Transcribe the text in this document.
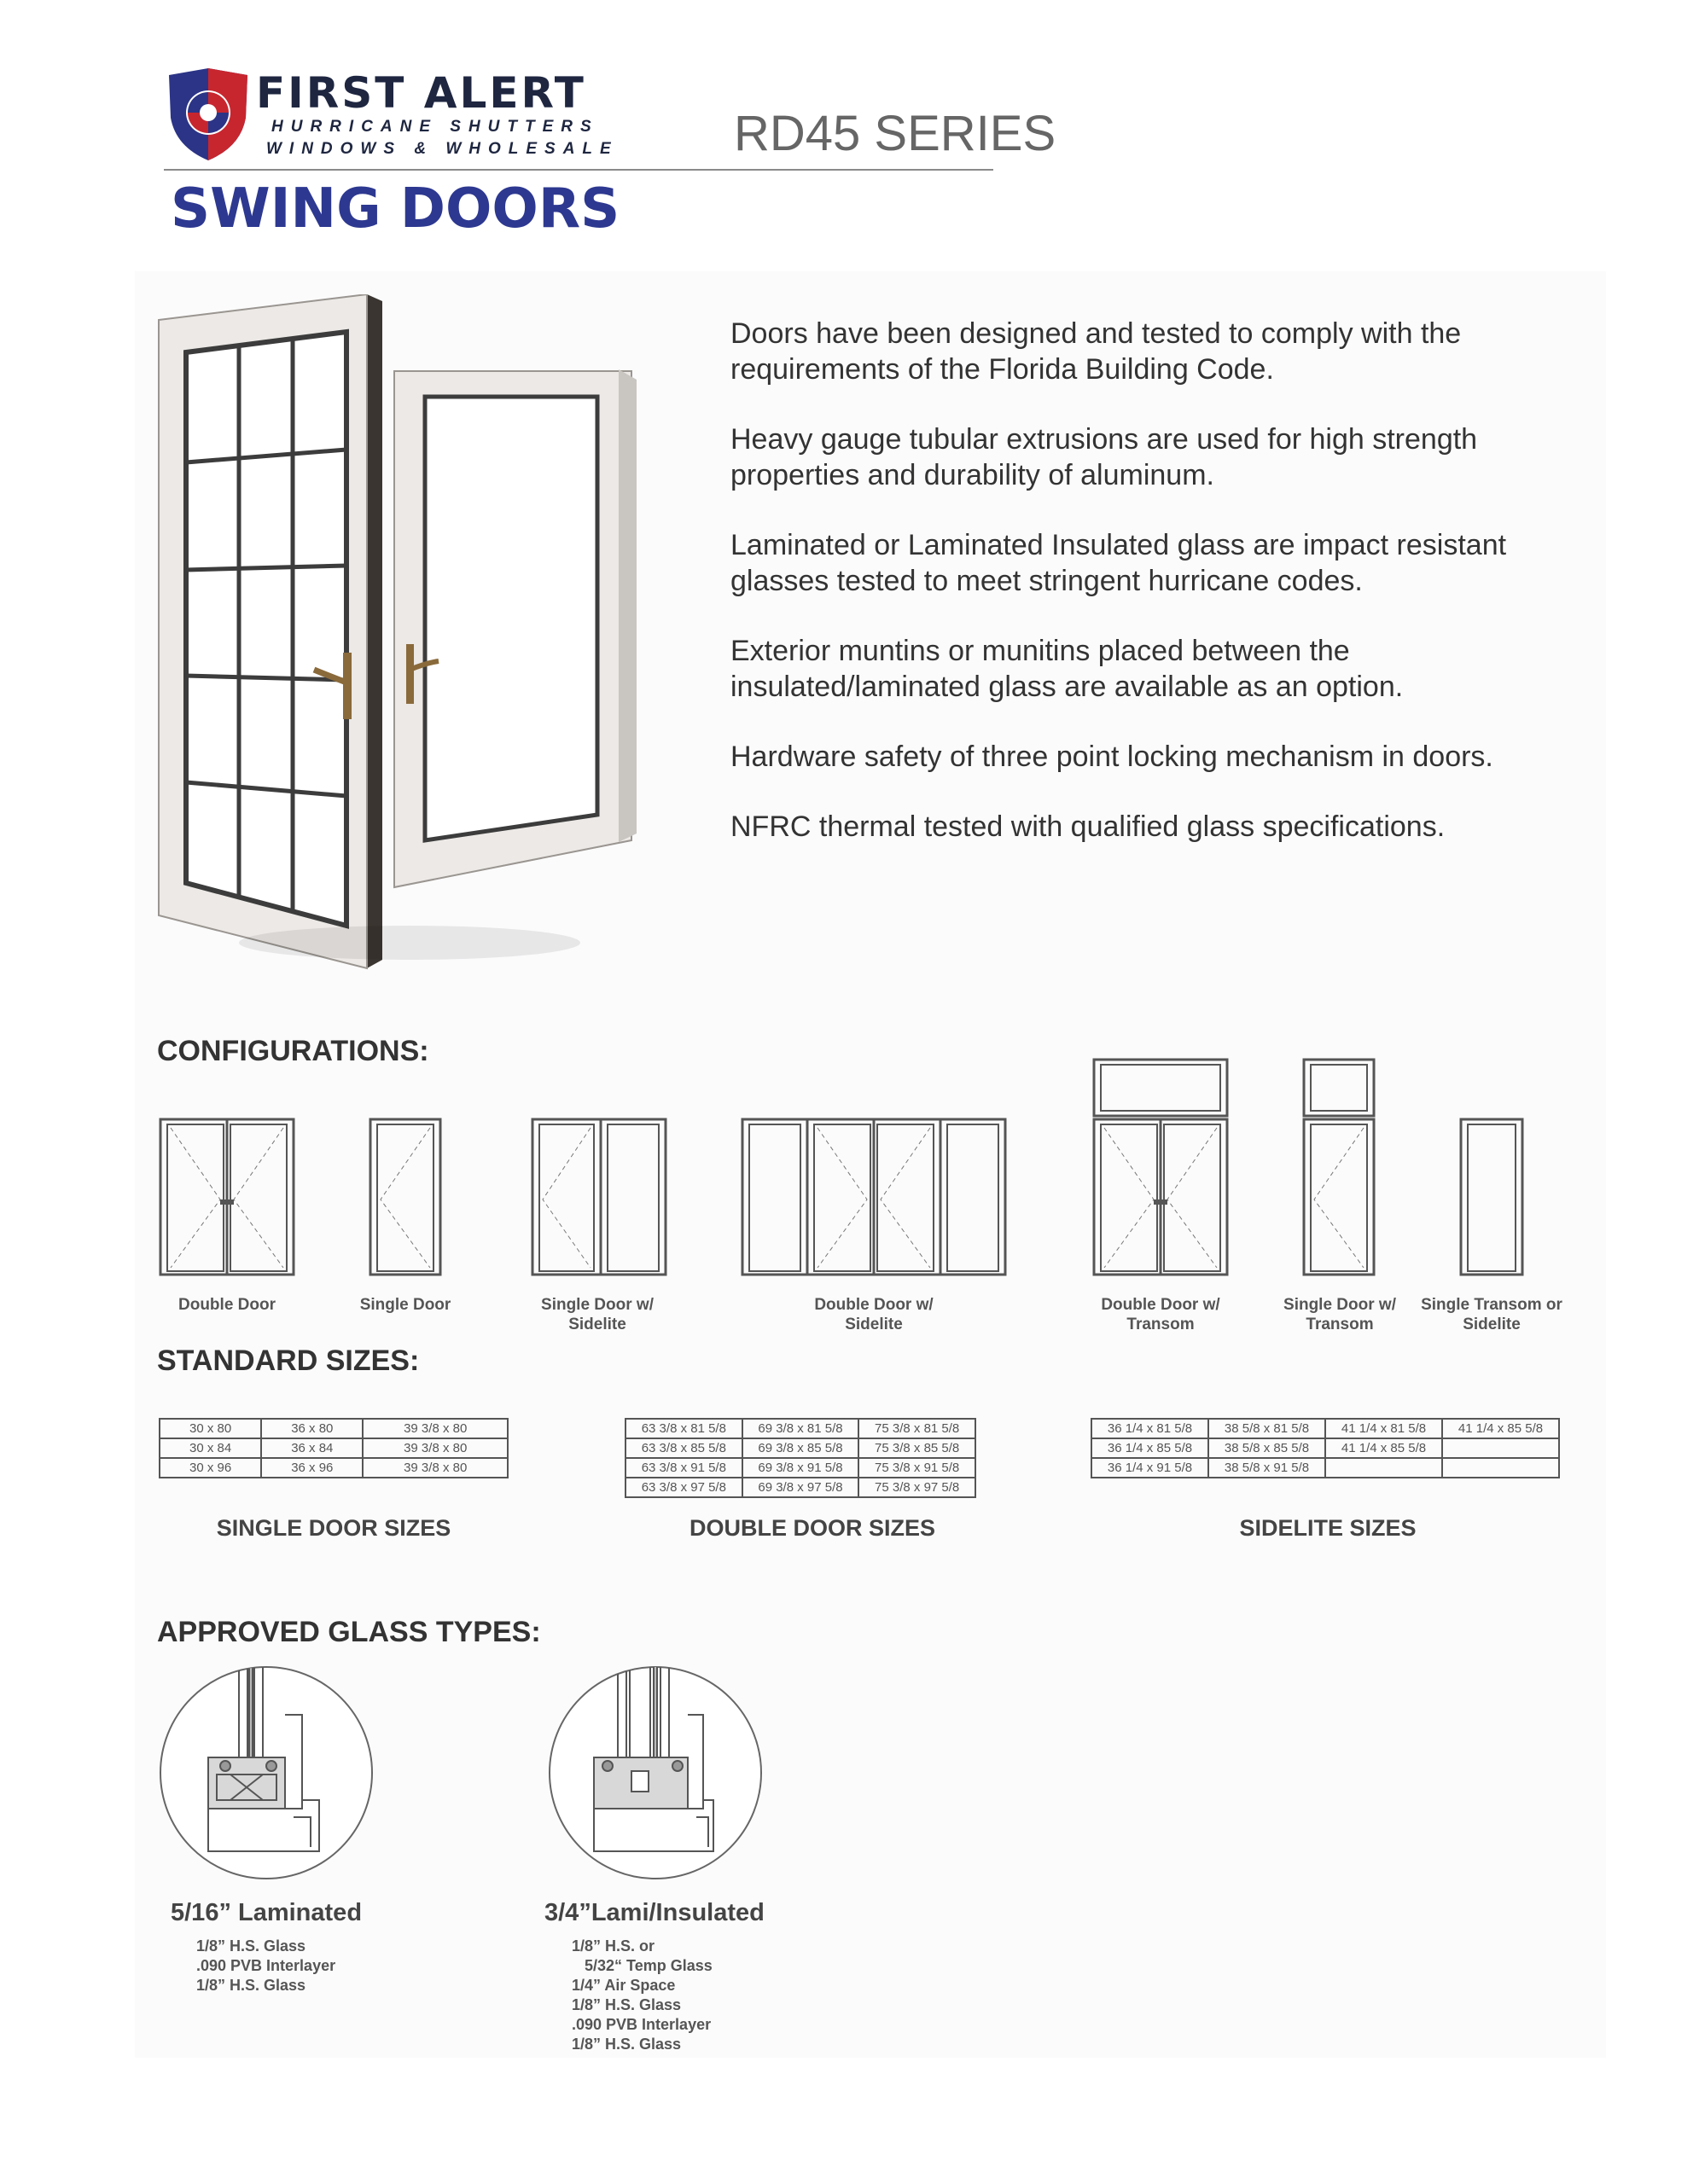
FIRST ALERT
HURRICANE SHUTTERS
WINDOWS & WHOLESALE RD45 SERIES
SWING DOORS

Doors have been designed and tested to comply with the requirements of the Florida Building Code.

Heavy gauge tubular extrusions are used for high strength properties and durability of aluminum.

Laminated or Laminated Insulated glass are impact resistant glasses tested to meet stringent hurricane codes.

Exterior muntins or munitins placed between the insulated/laminated glass are available as an option.

Hardware safety of three point locking mechanism in doors.

NFRC thermal tested with qualified glass specifications.

CONFIGURATIONS:
Double Door	Single Door	Single Door w/ Sidelite
Double Door w/ Sidelite
Double Door w/ Transom
Single Door w/ Transom
Single Transom or Sidelite
STANDARD SIZES:
30 x 80	36 x 80	39 3/8 x 80
30 x 84	36 x 84	39 3/8 x 80
30 x 96	36 x 96	39 3/8 x 80
SINGLE DOOR SIZES
63 3/8 x 81 5/8	69 3/8 x 81 5/8	75 3/8 x 81 5/8
63 3/8 x 85 5/8	69 3/8 x 85 5/8	75 3/8 x 85 5/8
63 3/8 x 91 5/8	69 3/8 x 91 5/8	75 3/8 x 91 5/8
63 3/8 x 97 5/8	69 3/8 x 97 5/8	75 3/8 x 97 5/8
DOUBLE DOOR SIZES
36 1/4 x 81 5/8	38 5/8 x 81 5/8	41 1/4 x 81 5/8	41 1/4 x 85 5/8
36 1/4 x 85 5/8	38 5/8 x 85 5/8	41 1/4 x 85 5/8	
36 1/4 x 91 5/8	38 5/8 x 91 5/8		
SIDELITE SIZES
APPROVED GLASS TYPES:
5/16” Laminated
1/8” H.S. Glass
.090 PVB Interlayer
1/8” H.S. Glass
3/4”Lami/Insulated
1/8” H.S. or
5/32“ Temp Glass
1/4” Air Space
1/8” H.S. Glass
.090 PVB Interlayer
1/8” H.S. Glass
